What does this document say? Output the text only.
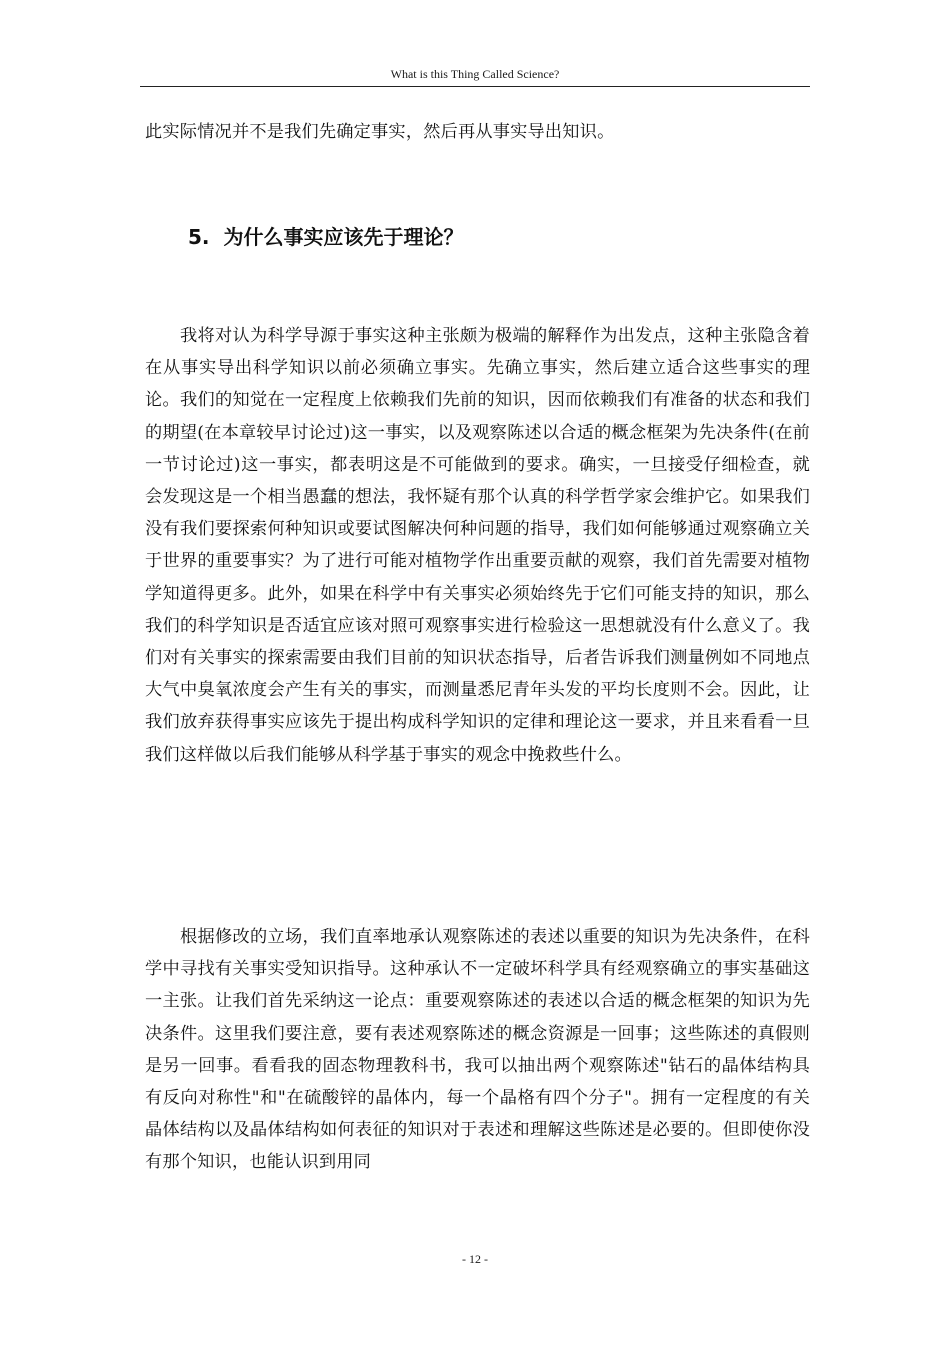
What is this Thing Called Science?

此实际情况并不是我们先确定事实，然后再从事实导出知识。

5. 为什么事实应该先于理论？

我将对认为科学导源于事实这种主张颇为极端的解释作为出发点，这种主张隐含着在从事实导出科学知识以前必须确立事实。先确立事实，然后建立适合这些事实的理论。我们的知觉在一定程度上依赖我们先前的知识，因而依赖我们有准备的状态和我们的期望(在本章较早讨论过)这一事实，以及观察陈述以合适的概念框架为先决条件(在前一节讨论过)这一事实，都表明这是不可能做到的要求。确实，一旦接受仔细检查，就会发现这是一个相当愚蠢的想法，我怀疑有那个认真的科学哲学家会维护它。如果我们没有我们要探索何种知识或要试图解决何种问题的指导，我们如何能够通过观察确立关于世界的重要事实？为了进行可能对植物学作出重要贡献的观察，我们首先需要对植物学知道得更多。此外，如果在科学中有关事实必须始终先于它们可能支持的知识，那么我们的科学知识是否适宜应该对照可观察事实进行检验这一思想就没有什么意义了。我们对有关事实的探索需要由我们目前的知识状态指导，后者告诉我们测量例如不同地点大气中臭氧浓度会产生有关的事实，而测量悉尼青年头发的平均长度则不会。因此，让我们放弃获得事实应该先于提出构成科学知识的定律和理论这一要求，并且来看看一旦我们这样做以后我们能够从科学基于事实的观念中挽救些什么。

根据修改的立场，我们直率地承认观察陈述的表述以重要的知识为先决条件，在科学中寻找有关事实受知识指导。这种承认不一定破坏科学具有经观察确立的事实基础这一主张。让我们首先采纳这一论点：重要观察陈述的表述以合适的概念框架的知识为先决条件。这里我们要注意，要有表述观察陈述的概念资源是一回事；这些陈述的真假则是另一回事。看看我的固态物理教科书，我可以抽出两个观察陈述"钻石的晶体结构具有反向对称性"和"在硫酸锌的晶体内，每一个晶格有四个分子"。拥有一定程度的有关晶体结构以及晶体结构如何表征的知识对于表述和理解这些陈述是必要的。但即使你没有那个知识，也能认识到用同

- 12 -
